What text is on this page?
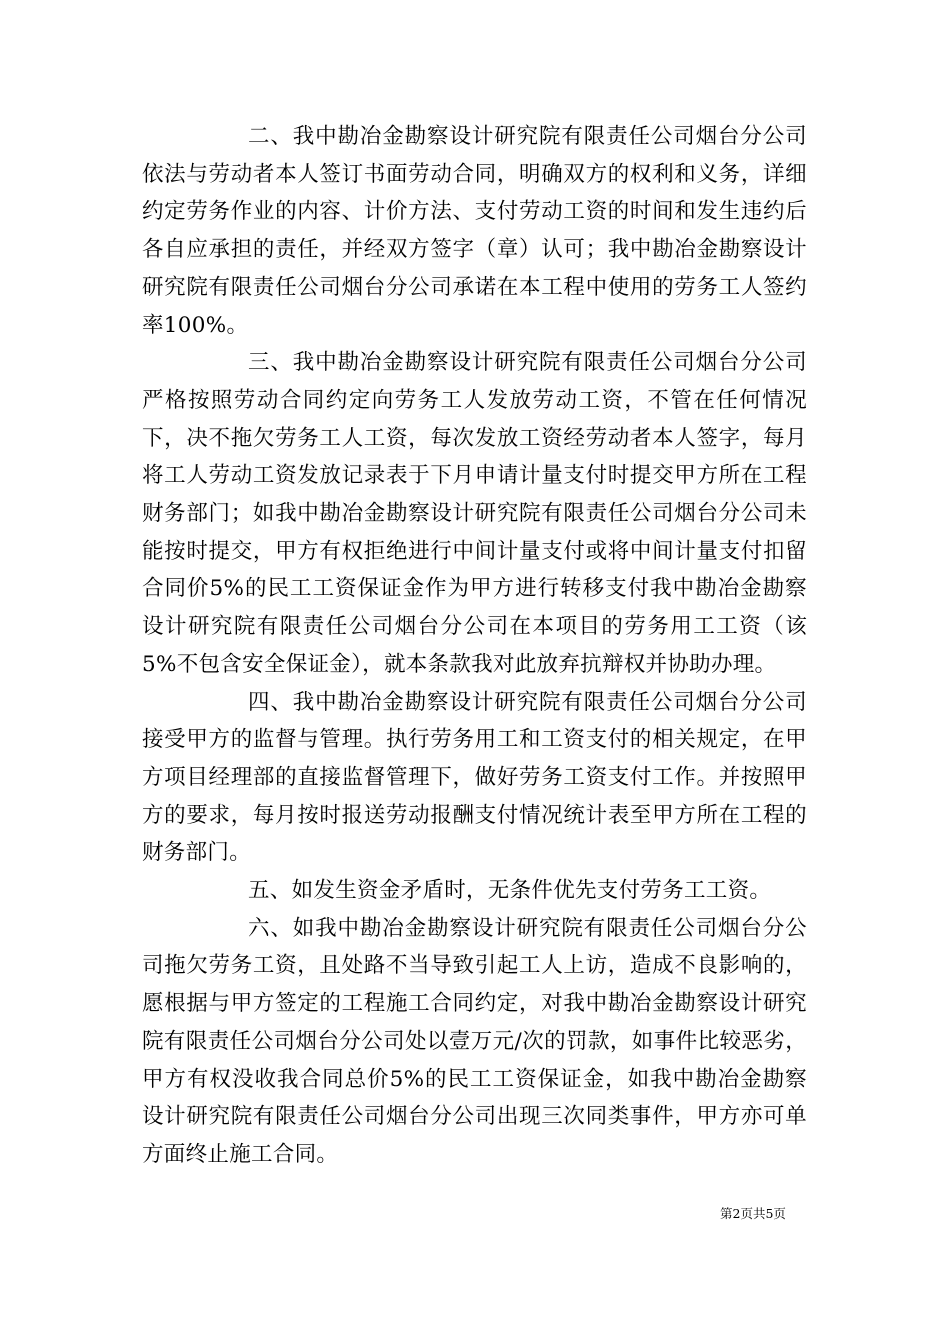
二、我中勘冶金勘察设计研究院有限责任公司烟台分公司依法与劳动者本人签订书面劳动合同，明确双方的权利和义务，详细约定劳务作业的内容、计价方法、支付劳动工资的时间和发生违约后各自应承担的责任，并经双方签字（章）认可；我中勘冶金勘察设计研究院有限责任公司烟台分公司承诺在本工程中使用的劳务工人签约率100%。

三、我中勘冶金勘察设计研究院有限责任公司烟台分公司严格按照劳动合同约定向劳务工人发放劳动工资，不管在任何情况下，决不拖欠劳务工人工资，每次发放工资经劳动者本人签字，每月将工人劳动工资发放记录表于下月申请计量支付时提交甲方所在工程财务部门；如我中勘冶金勘察设计研究院有限责任公司烟台分公司未能按时提交，甲方有权拒绝进行中间计量支付或将中间计量支付扣留合同价5%的民工工资保证金作为甲方进行转移支付我中勘冶金勘察设计研究院有限责任公司烟台分公司在本项目的劳务用工工资（该5%不包含安全保证金），就本条款我对此放弃抗辩权并协助办理。

四、我中勘冶金勘察设计研究院有限责任公司烟台分公司接受甲方的监督与管理。执行劳务用工和工资支付的相关规定，在甲方项目经理部的直接监督管理下，做好劳务工资支付工作。并按照甲方的要求，每月按时报送劳动报酬支付情况统计表至甲方所在工程的财务部门。

五、如发生资金矛盾时，无条件优先支付劳务工工资。

六、如我中勘冶金勘察设计研究院有限责任公司烟台分公司拖欠劳务工资，且处路不当导致引起工人上访，造成不良影响的，愿根据与甲方签定的工程施工合同约定，对我中勘冶金勘察设计研究院有限责任公司烟台分公司处以壹万元/次的罚款，如事件比较恶劣，甲方有权没收我合同总价5%的民工工资保证金，如我中勘冶金勘察设计研究院有限责任公司烟台分公司出现三次同类事件，甲方亦可单方面终止施工合同。

第2页共5页
